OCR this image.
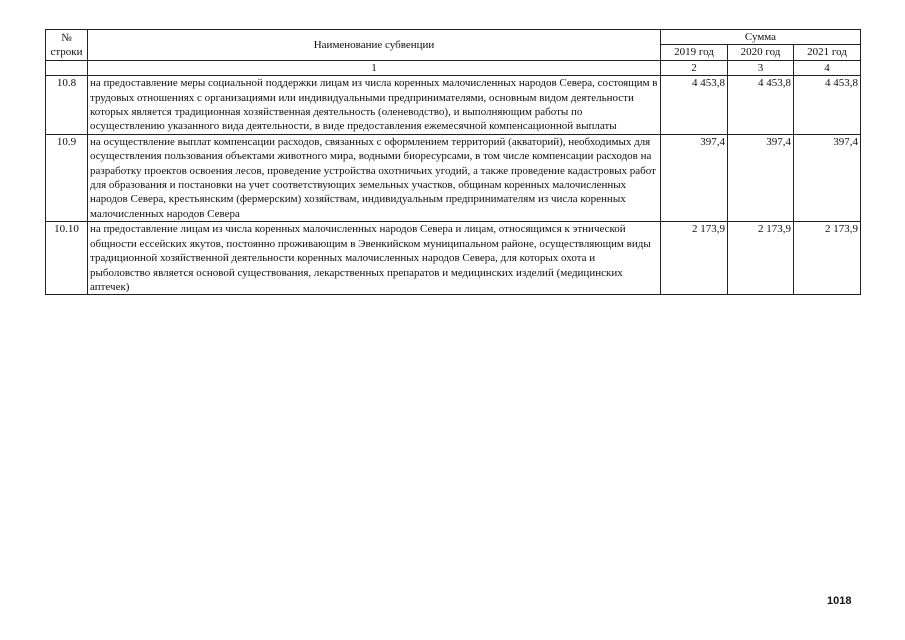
№
строки	Наименование субвенции	Сумма		
		2019 год	2020 год	2021 год
	1	2	3	4
10.8	на предоставление меры социальной поддержки лицам из числа коренных малочисленных народов Севера, состоящим в трудовых отношениях с организациями или индивидуальными предпринимателями, основным видом деятельности которых является традиционная хозяйственная деятельность (оленеводство), и выполняющим работы по осуществлению указанного вида деятельности, в виде предоставления ежемесячной компенсационной выплаты	4 453,8	4 453,8	4 453,8
10.9	на осуществление выплат компенсации расходов, связанных с оформлением территорий (акваторий), необходимых для осуществления пользования объектами животного мира, водными биоресурсами, в том числе компенсации расходов на разработку проектов освоения лесов, проведение устройства охотничьих угодий, а также проведение кадастровых работ для образования и постановки на учет соответствующих земельных участков, общинам коренных малочисленных народов Севера, крестьянским (фермерским) хозяйствам, индивидуальным предпринимателям из числа коренных малочисленных народов Севера	397,4	397,4	397,4
10.10	на предоставление лицам из числа коренных малочисленных народов Севера и лицам, относящимся к этнической общности ессейских якутов, постоянно проживающим в Эвенкийском муниципальном районе, осуществляющим виды традиционной хозяйственной деятельности коренных малочисленных народов Севера, для которых охота и рыболовство является основой существования, лекарственных препаратов и медицинских изделий (медицинских аптечек)	2 173,9	2 173,9	2 173,9
1018
